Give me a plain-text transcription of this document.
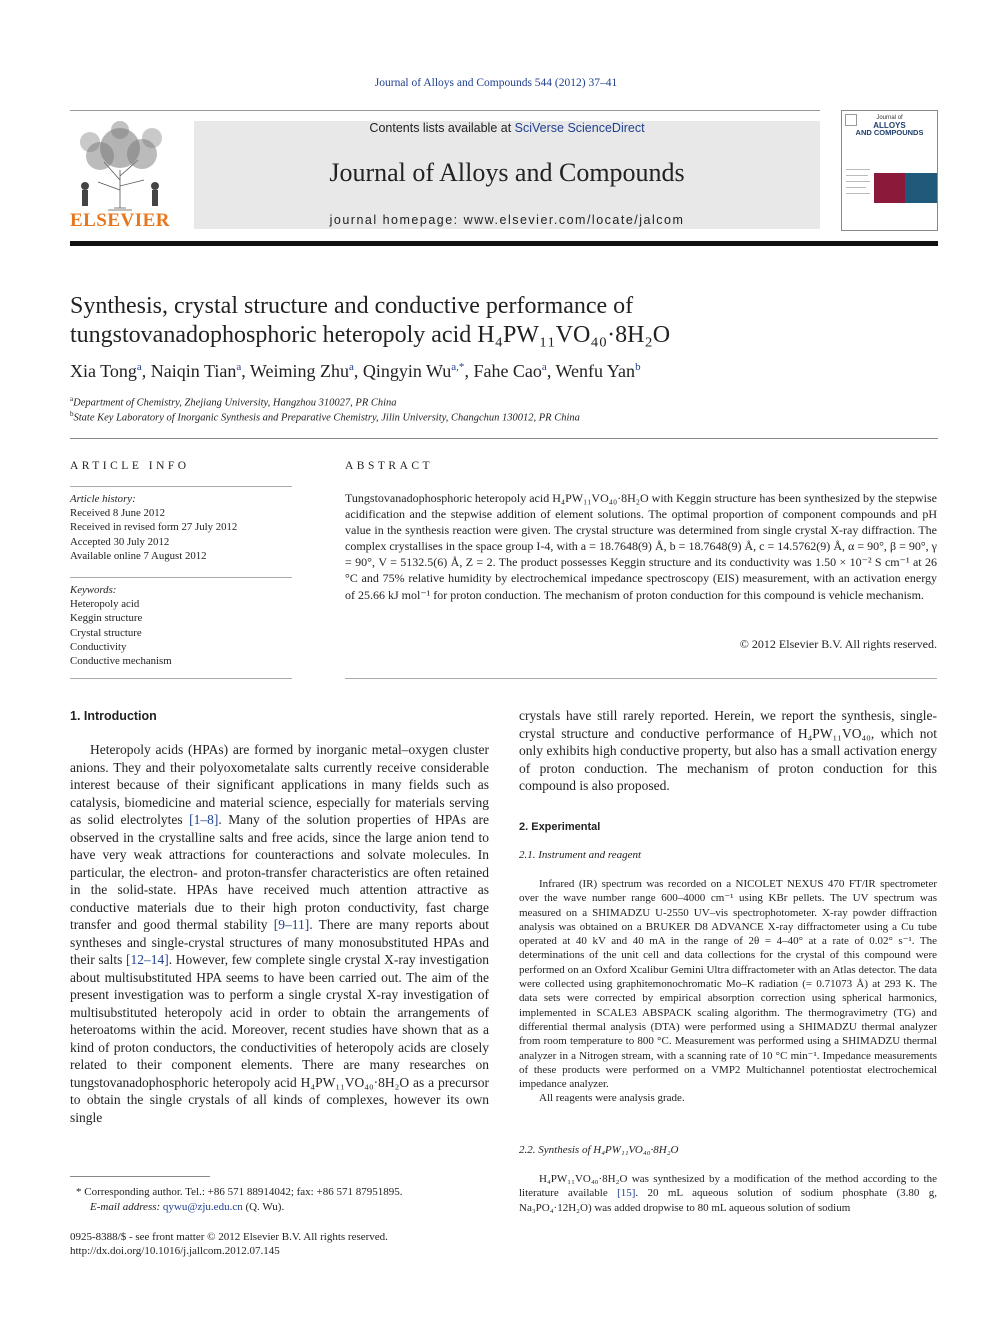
Journal of Alloys and Compounds 544 (2012) 37–41
ELSEVIER
Contents lists available at SciVerse ScienceDirect
Journal of Alloys and Compounds
journal homepage: www.elsevier.com/locate/jalcom
Journal of
ALLOYS
AND COMPOUNDS
Synthesis, crystal structure and conductive performance of
tungstovanadophosphoric heteropoly acid H₄PW₁₁VO₄₀·8H₂O
Xia Tong$^a$, Naiqin Tian$^a$, Weiming Zhu$^a$, Qingyin $Wu^{a,*}$, Fahe Cao$^a$, Wenfu Yan$^b$
$^a$Department of Chemistry, Zhejiang University, Hangzhou 310027, PR China
$^b$State Key Laboratory of Inorganic Synthesis and Preparative Chemistry, Jilin University, Changchun 130012, PR China
ARTICLE INFO
Article history:
Received 8 June 2012
Received in revised form 27 July 2012
Accepted 30 July 2012
Available online 7 August 2012
Keywords:
Heteropoly acid
Keggin structure
Crystal structure
Conductivity
Conductive mechanism
ABSTRACT
Tungstovanadophosphoric heteropoly acid H₄PW₁₁VO₄₀·8H₂O with Keggin structure has been synthesized by the stepwise acidification and the stepwise addition of element solutions. The optimal proportion of component compounds and pH value in the synthesis reaction were given. The crystal structure was determined from single crystal X-ray diffraction. The complex crystallises in the space group I-4, with a = 18.7648(9) Å, b = 18.7648(9) Å, c = 14.5762(9) Å, α = 90°, β = 90°, γ = 90°, V = 5132.5(6) Å, Z = 2. The product possesses Keggin structure and its conductivity was 1.50 × 10⁻² S cm⁻¹ at 26 °C and 75% relative humidity by electrochemical impedance spectroscopy (EIS) measurement, with an activation energy of 25.66 kJ mol⁻¹ for proton conduction. The mechanism of proton conduction for this compound is vehicle mechanism.
© 2012 Elsevier B.V. All rights reserved.
1. Introduction

Heteropoly acids (HPAs) are formed by inorganic metal–oxygen cluster anions. They and their polyoxometalate salts currently receive considerable interest because of their significant applications in many fields such as catalysis, biomedicine and material science, especially for materials serving as solid electrolytes [1–8]. Many of the solution properties of HPAs are observed in the crystalline salts and free acids, since the large anion tend to have very weak attractions for counteractions and solvate molecules. In particular, the electron- and proton-transfer characteristics are often retained in the solid-state. HPAs have received much attention attractive as conductive materials due to their high proton conductivity, fast charge transfer and good thermal stability [9–11]. There are many reports about syntheses and single-crystal structures of many monosubstituted HPAs and their salts [12–14]. However, few complete single crystal X-ray investigation about multisubstituted HPA seems to have been carried out. The aim of the present investigation was to perform a single crystal X-ray investigation of multisubstituted heteropoly acid in order to obtain the arrangements of heteroatoms within the acid. Moreover, recent studies have shown that as a kind of proton conductors, the conductivities of heteropoly acids are closely related to their component elements. There are many researches on tungstovanadophosphoric heteropoly acid H₄PW₁₁VO₄₀·8H₂O as a precursor to obtain the single crystals of all kinds of complexes, however its own single

crystals have still rarely reported. Herein, we report the synthesis, single-crystal structure and conductive performance of H₄PW₁₁VO₄₀, which not only exhibits high conductive property, but also has a small activation energy of proton conduction. The mechanism of proton conduction for this compound is also proposed.
2. Experimental
2.1. Instrument and reagent

Infrared (IR) spectrum was recorded on a NICOLET NEXUS 470 FT/IR spectrometer over the wave number range 600–4000 cm⁻¹ using KBr pellets. The UV spectrum was measured on a SHIMADZU U-2550 UV–vis spectrophotometer. X-ray powder diffraction analysis was obtained on a BRUKER D8 ADVANCE X-ray diffractometer using a Cu tube operated at 40 kV and 40 mA in the range of 2θ = 4–40° at a rate of 0.02° s⁻¹. The determinations of the unit cell and data collections for the crystal of this compound were performed on an Oxford Xcalibur Gemini Ultra diffractometer with an Atlas detector. The data were collected using graphitemonochromatic Mo–K radiation (= 0.71073 Å) at 293 K. The data sets were corrected by empirical absorption correction using spherical harmonics, implemented in SCALE3 ABSPACK scaling algorithm. The thermogravimetry (TG) and differential thermal analysis (DTA) were performed using a SHIMADZU thermal analyzer from room temperature to 800 °C. Measurement was performed using a SHIMADZU thermal analyzer in a Nitrogen stream, with a scanning rate of 10 °C min⁻¹. Impedance measurements of these products were performed on a VMP2 Multichannel potentiostat electrochemical impedance analyzer.

All reagents were analysis grade.

2.2. Synthesis of H₄PW₁₁VO₄₀·8H₂O

H₄PW₁₁VO₄₀·8H₂O was synthesized by a modification of the method according to the literature available [15]. 20 mL aqueous solution of sodium phosphate (3.80 g, Na₃PO₄·12H₂O) was added dropwise to 80 mL aqueous solution of sodium

* Corresponding author. Tel.: +86 571 88914042; fax: +86 571 87951895.
E-mail address: qywu@zju.edu.cn (Q. Wu).
0925-8388/$ - see front matter © 2012 Elsevier B.V. All rights reserved.
http://dx.doi.org/10.1016/j.jallcom.2012.07.145
